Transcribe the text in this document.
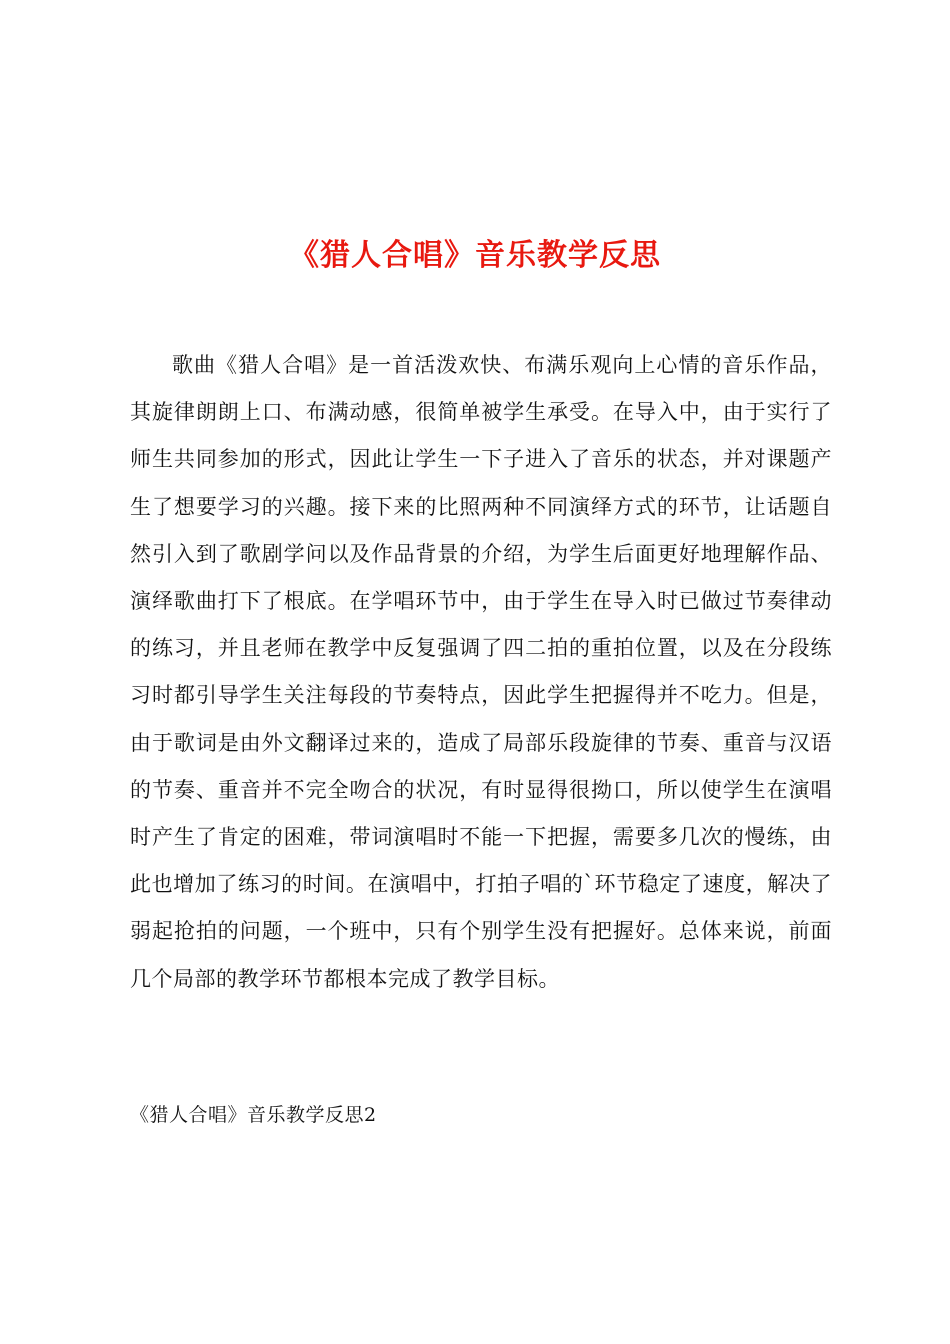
《猎人合唱》音乐教学反思

歌曲《猎人合唱》是一首活泼欢快、布满乐观向上心情的音乐作品，其旋律朗朗上口、布满动感，很简单被学生承受。在导入中，由于实行了师生共同参加的形式，因此让学生一下子进入了音乐的状态，并对课题产生了想要学习的兴趣。接下来的比照两种不同演绎方式的环节，让话题自然引入到了歌剧学问以及作品背景的介绍，为学生后面更好地理解作品、演绎歌曲打下了根底。在学唱环节中，由于学生在导入时已做过节奏律动的练习，并且老师在教学中反复强调了四二拍的重拍位置，以及在分段练习时都引导学生关注每段的节奏特点，因此学生把握得并不吃力。但是，由于歌词是由外文翻译过来的，造成了局部乐段旋律的节奏、重音与汉语的节奏、重音并不完全吻合的状况，有时显得很拗口，所以使学生在演唱时产生了肯定的困难，带词演唱时不能一下把握，需要多几次的慢练，由此也增加了练习的时间。在演唱中，打拍子唱的`环节稳定了速度，解决了弱起抢拍的问题，一个班中，只有个别学生没有把握好。总体来说，前面几个局部的教学环节都根本完成了教学目标。

《猎人合唱》音乐教学反思2
